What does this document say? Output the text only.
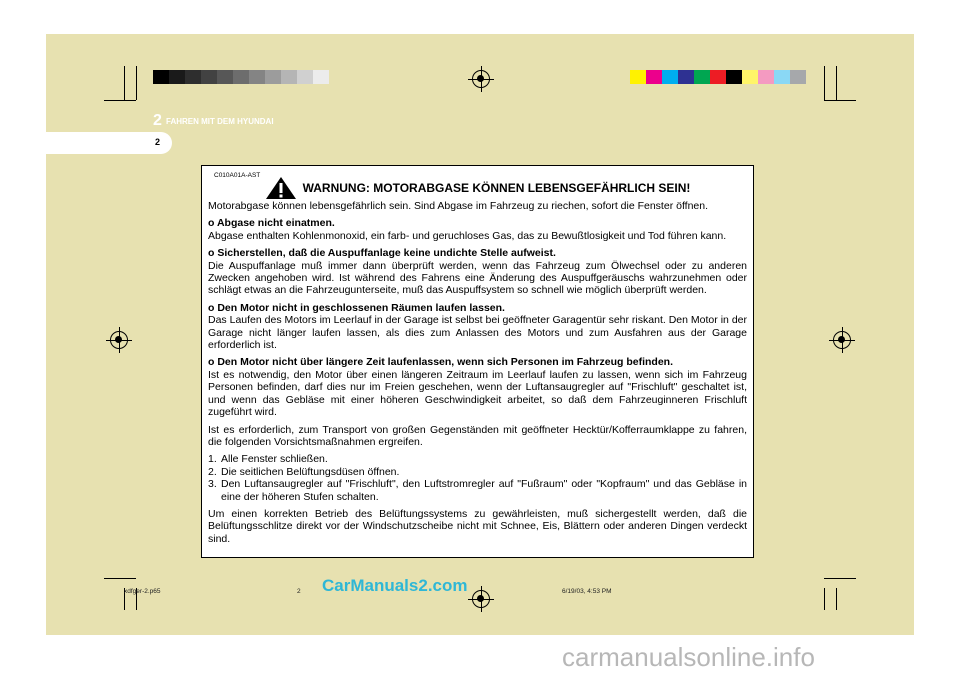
2 FAHREN MIT DEM HYUNDAI
2
C010A01A-AST
WARNUNG: MOTORABGASE KÖNNEN LEBENSGEFÄHRLICH SEIN!

Motorabgase können lebensgefährlich sein. Sind Abgase im Fahrzeug zu riechen, sofort die Fenster öffnen.

o Abgase nicht einatmen.
Abgase enthalten Kohlenmonoxid, ein farb- und geruchloses Gas, das zu Bewußtlosigkeit und Tod führen kann.
o Sicherstellen, daß die Auspuffanlage keine undichte Stelle aufweist.
Die Auspuffanlage muß immer dann überprüft werden, wenn das Fahrzeug zum Ölwechsel oder zu anderen Zwecken angehoben wird. Ist während des Fahrens eine Änderung des Auspuffgeräuschs wahrzunehmen oder schlägt etwas an die Fahrzeugunterseite, muß das Auspuffsystem so schnell wie möglich überprüft werden.
o Den Motor nicht in geschlossenen Räumen laufen lassen.
Das Laufen des Motors im Leerlauf in der Garage ist selbst bei geöffneter Garagentür sehr riskant. Den Motor in der Garage nicht länger laufen lassen, als dies zum Anlassen des Motors und zum Ausfahren aus der Garage erforderlich ist.
o Den Motor nicht über längere Zeit laufenlassen, wenn sich Personen im Fahrzeug befinden.
Ist es notwendig, den Motor über einen längeren Zeitraum im Leerlauf laufen zu lassen, wenn sich im Fahrzeug Personen befinden, darf dies nur im Freien geschehen, wenn der Luftansaugregler auf "Frischluft" geschaltet ist, und wenn das Gebläse mit einer höheren Geschwindigkeit arbeitet, so daß dem Fahrzeuginneren Frischluft zugeführt wird.

Ist es erforderlich, zum Transport von großen Gegenständen mit geöffneter Hecktür/Kofferraumklappe zu fahren, die folgenden Vorsichtsmaßnahmen ergreifen.

1. Alle Fenster schließen.
2. Die seitlichen Belüftungsdüsen öffnen.
3. Den Luftansaugregler auf "Frischluft", den Luftstromregler auf "Fußraum" oder "Kopfraum" und das Gebläse in eine der höheren Stufen schalten.

Um einen korrekten Betrieb des Belüftungssystems zu gewährleisten, muß sichergestellt werden, daß die Belüftungsschlitze direkt vor der Windschutzscheibe nicht mit Schnee, Eis, Blättern oder anderen Dingen verdeckt sind.

xdfger-2.p65	2	6/19/03, 4:53 PM
CarManuals2.com
carmanualsonline.info
